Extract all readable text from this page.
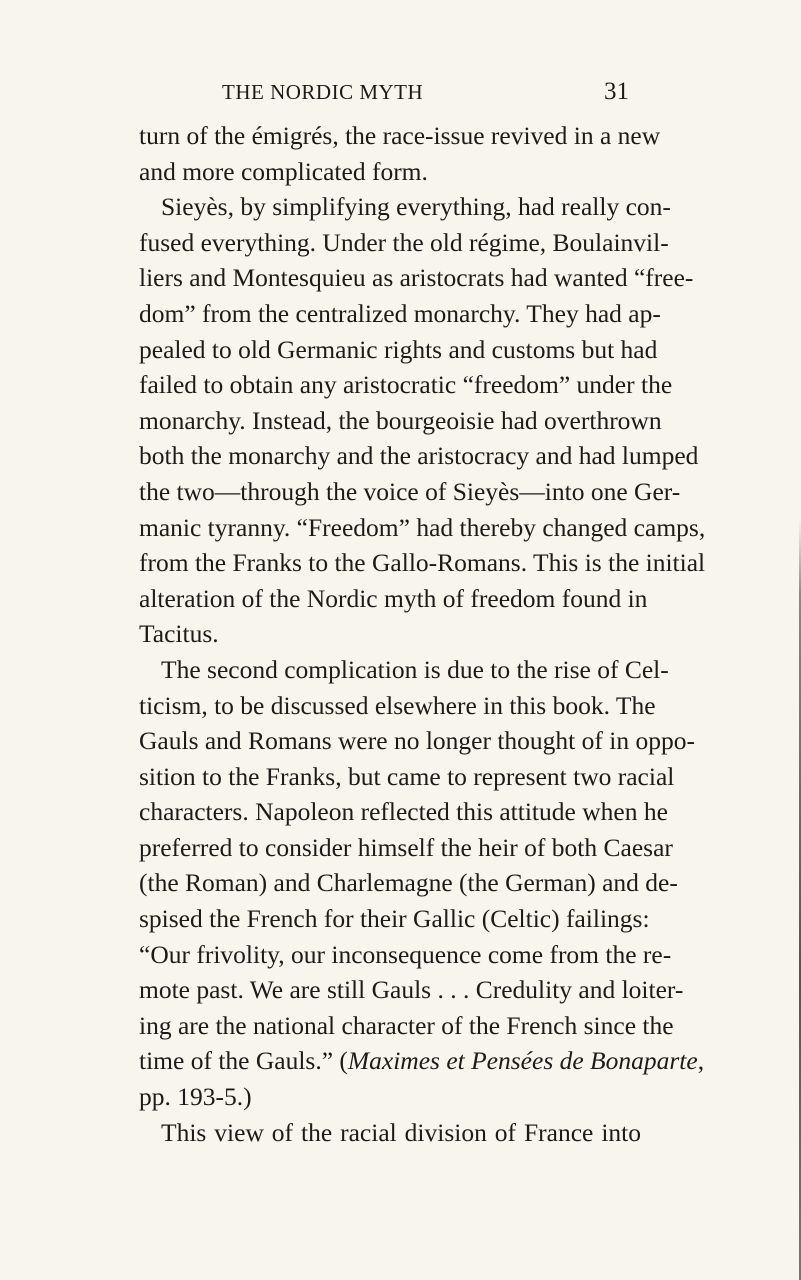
THE NORDIC MYTH	31
turn of the émigrés, the race-issue revived in a new
and more complicated form.
Sieyès, by simplifying everything, had really con-
fused everything. Under the old régime, Boulainvil-
liers and Montesquieu as aristocrats had wanted “free-
dom” from the centralized monarchy. They had ap-
pealed to old Germanic rights and customs but had
failed to obtain any aristocratic “freedom” under the
monarchy. Instead, the bourgeoisie had overthrown
both the monarchy and the aristocracy and had lumped
the two—through the voice of Sieyès—into one Ger-
manic tyranny. “Freedom” had thereby changed camps,
from the Franks to the Gallo-Romans. This is the initial
alteration of the Nordic myth of freedom found in
Tacitus.
The second complication is due to the rise of Cel-
ticism, to be discussed elsewhere in this book. The
Gauls and Romans were no longer thought of in oppo-
sition to the Franks, but came to represent two racial
characters. Napoleon reflected this attitude when he
preferred to consider himself the heir of both Caesar
(the Roman) and Charlemagne (the German) and de-
spised the French for their Gallic (Celtic) failings:
“Our frivolity, our inconsequence come from the re-
mote past. We are still Gauls . . . Credulity and loiter-
ing are the national character of the French since the
time of the Gauls.” (Maximes et Pensées de Bonaparte,
pp. 193-5.)
This view of the racial division of France into
